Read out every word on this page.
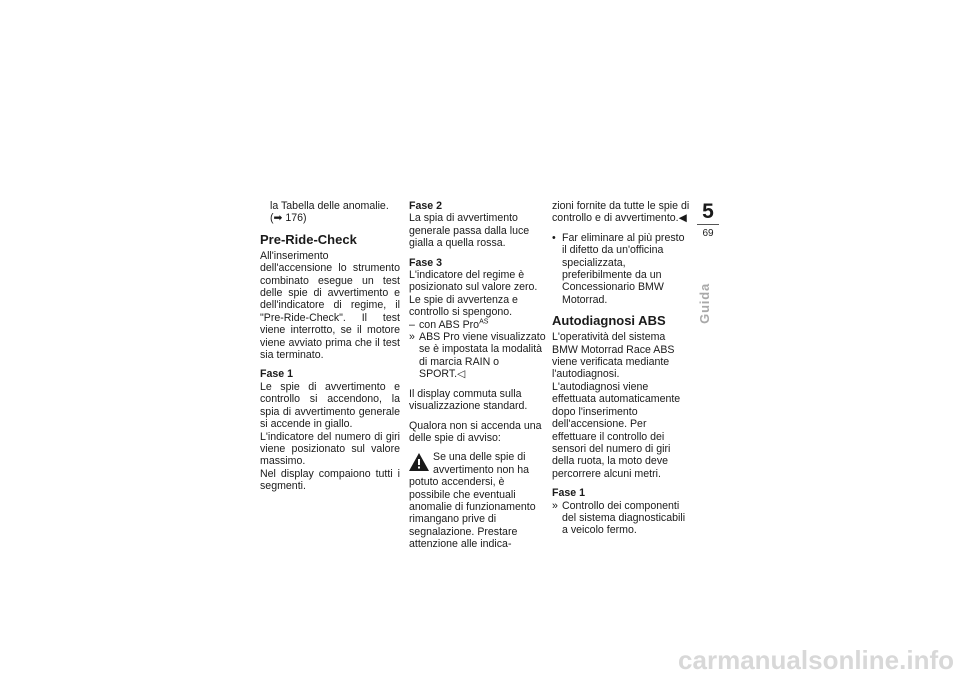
la Tabella delle anomalie.

(➡ 176)

Pre-Ride-Check

All'inserimento dell'accensione lo strumento combinato esegue un test delle spie di avvertimento e dell'indicatore di regime, il "Pre-Ride-Check". Il test viene interrotto, se il motore viene avviato prima che il test sia terminato.

Fase 1

Le spie di avvertimento e controllo si accendono, la spia di avvertimento generale si accende in giallo.

L'indicatore del numero di giri viene posizionato sul valore massimo.

Nel display compaiono tutti i segmenti.

Fase 2

La spia di avvertimento generale passa dalla luce gialla a quella rossa.

Fase 3

L'indicatore del regime è posizionato sul valore zero.

Le spie di avvertenza e controllo si spengono.

– con ABS Pro$^{AS}$
» ABS Pro viene visualizzato se è impostata la modalità di marcia RAIN o SPORT.◁

Il display commuta sulla visualizzazione standard.

Qualora non si accenda una delle spie di avviso:

Se una delle spie di avvertimento non ha potuto accendersi, è possibile che eventuali anomalie di funzionamento rimangano prive di segnalazione. Prestare attenzione alle indica-

zioni fornite da tutte le spie di controllo e di avvertimento.◀

• Far eliminare al più presto il difetto da un'officina specializzata, preferibilmente da un Concessionario BMW Motorrad.
Autodiagnosi ABS

L'operatività del sistema BMW Motorrad Race ABS viene verificata mediante l'autodiagnosi. L'autodiagnosi viene effettuata automaticamente dopo l'inserimento dell'accensione. Per effettuare il controllo dei sensori del numero di giri della ruota, la moto deve percorrere alcuni metri.

Fase 1
» Controllo dei componenti del sistema diagnosticabili a veicolo fermo.
5
69
Guida
carmanualsonline.info
